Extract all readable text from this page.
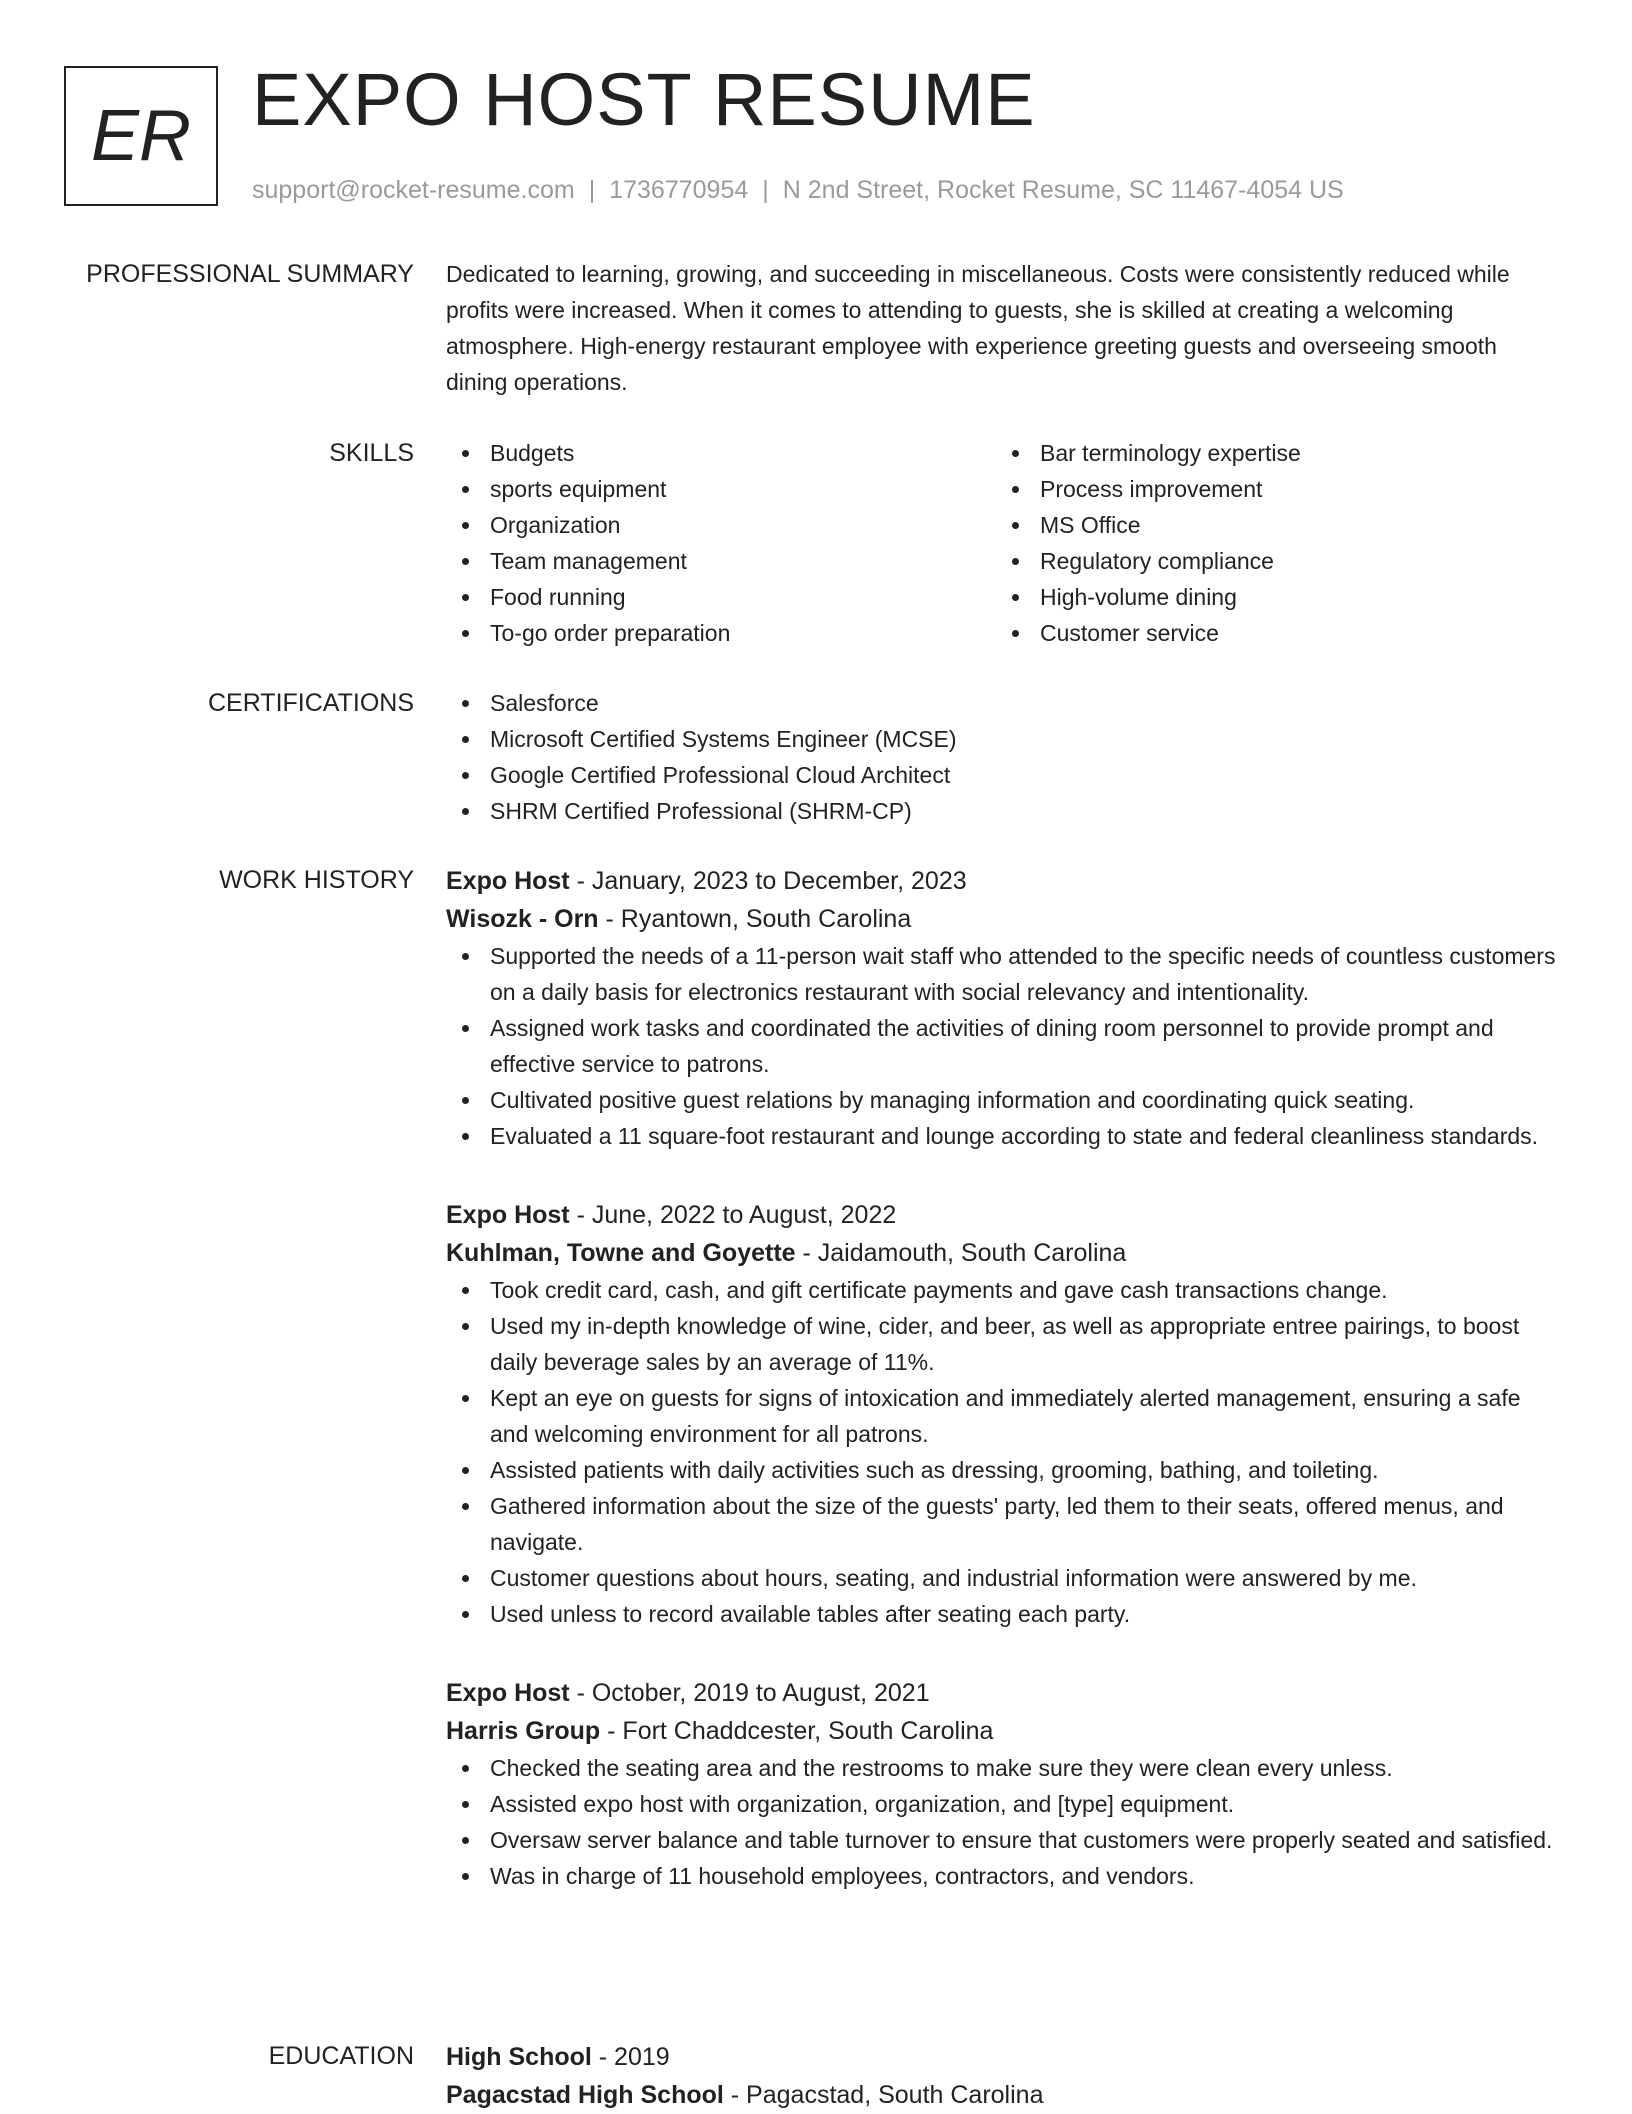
ER EXPO HOST RESUME
support@rocket-resume.com | 1736770954 | N 2nd Street, Rocket Resume, SC 11467-4054 US
PROFESSIONAL SUMMARY Dedicated to learning, growing, and succeeding in miscellaneous. Costs were consistently reduced while profits were increased. When it comes to attending to guests, she is skilled at creating a welcoming atmosphere. High-energy restaurant employee with experience greeting guests and overseeing smooth dining operations.

SKILLS	Budgets
sports equipment
Organization
Team management
Food running
To-go order preparation
Bar terminology expertise
Process improvement
MS Office
Regulatory compliance
High-volume dining
Customer service
CERTIFICATIONS	Salesforce
Microsoft Certified Systems Engineer (MCSE)
Google Certified Professional Cloud Architect
SHRM Certified Professional (SHRM-CP)
WORK HISTORY Expo Host - January, 2023 to December, 2023
Wisozk - Orn - Ryantown, South Carolina
Supported the needs of a 11-person wait staff who attended to the specific needs of countless customers on a daily basis for electronics restaurant with social relevancy and intentionality.
Assigned work tasks and coordinated the activities of dining room personnel to provide prompt and effective service to patrons.
Cultivated positive guest relations by managing information and coordinating quick seating.
Evaluated a 11 square-foot restaurant and lounge according to state and federal cleanliness standards.
Expo Host - June, 2022 to August, 2022
Kuhlman, Towne and Goyette - Jaidamouth, South Carolina
Took credit card, cash, and gift certificate payments and gave cash transactions change.
Used my in-depth knowledge of wine, cider, and beer, as well as appropriate entree pairings, to boost daily beverage sales by an average of 11%.
Kept an eye on guests for signs of intoxication and immediately alerted management, ensuring a safe and welcoming environment for all patrons.
Assisted patients with daily activities such as dressing, grooming, bathing, and toileting.
Gathered information about the size of the guests' party, led them to their seats, offered menus, and navigate.
Customer questions about hours, seating, and industrial information were answered by me.
Used unless to record available tables after seating each party.
Expo Host - October, 2019 to August, 2021
Harris Group - Fort Chaddcester, South Carolina
Checked the seating area and the restrooms to make sure they were clean every unless.
Assisted expo host with organization, organization, and [type] equipment.
Oversaw server balance and table turnover to ensure that customers were properly seated and satisfied.
Was in charge of 11 household employees, contractors, and vendors.
EDUCATION High School - 2019
Pagacstad High School - Pagacstad, South Carolina
